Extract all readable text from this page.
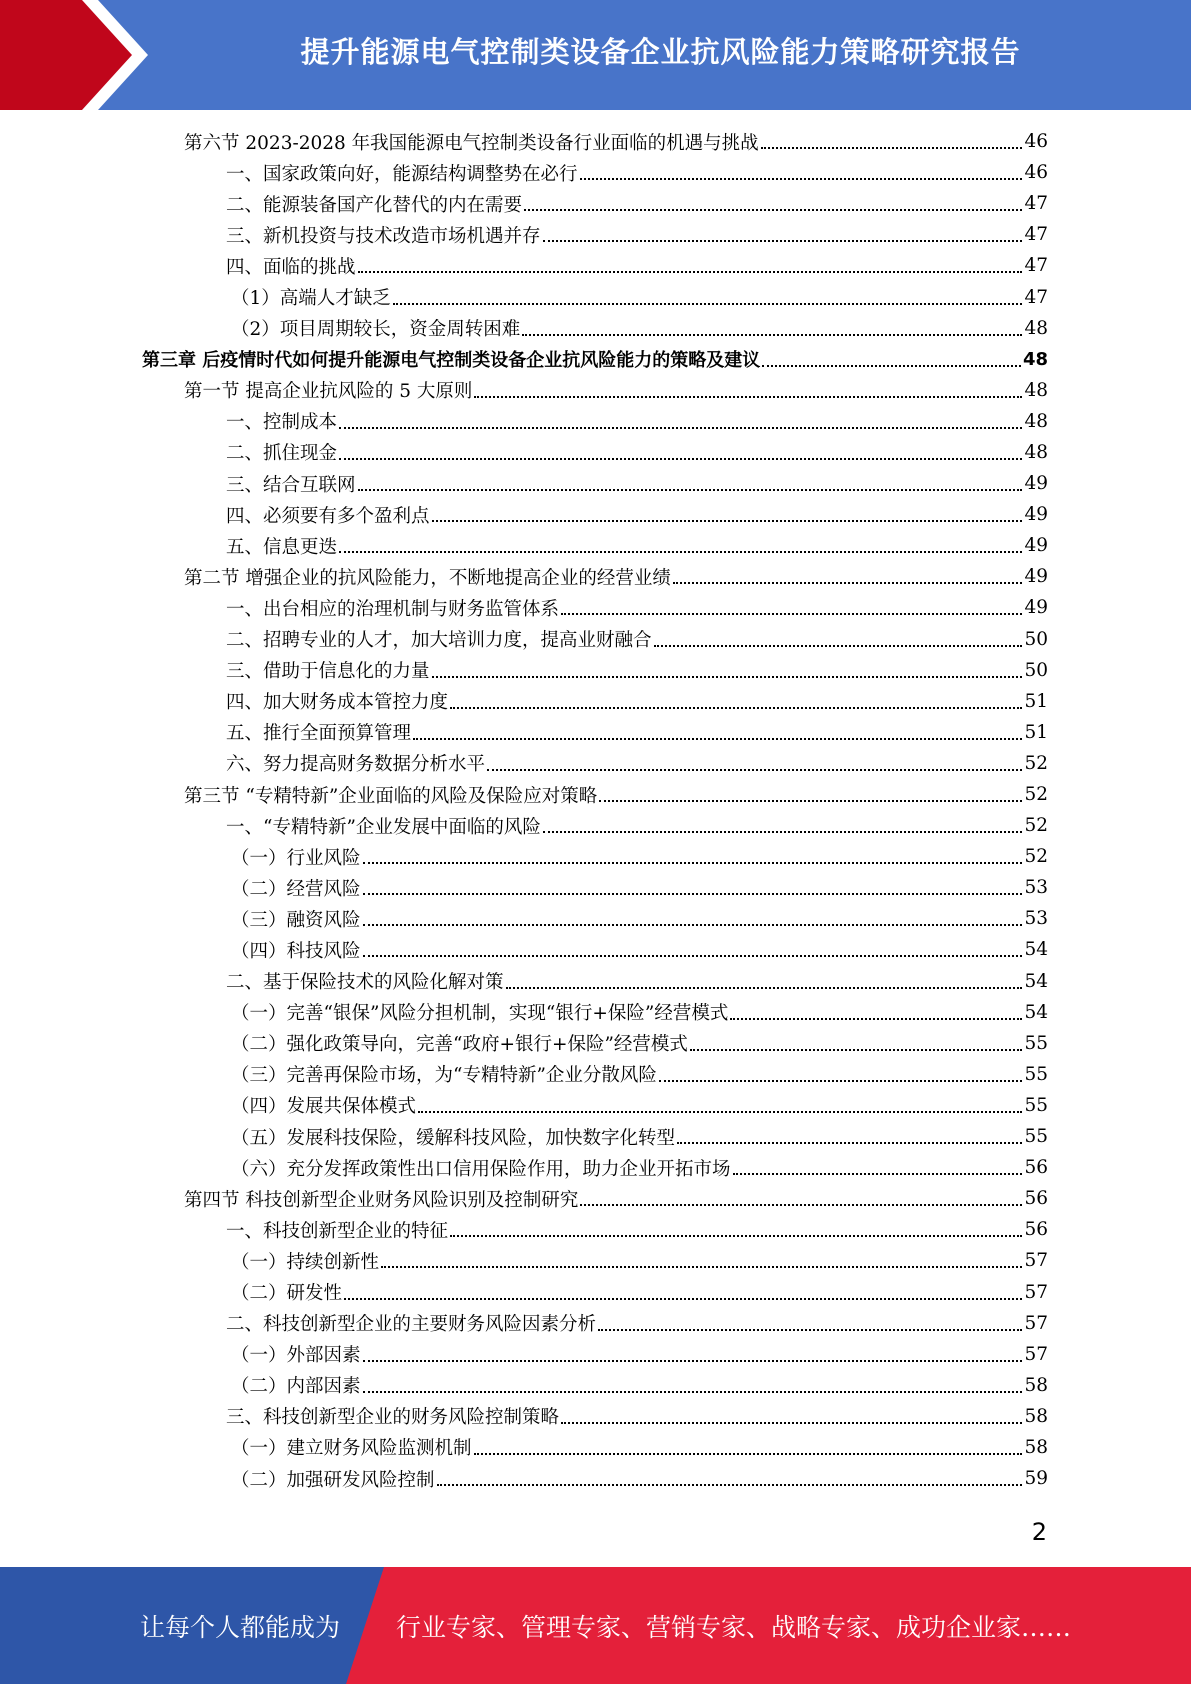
提升能源电气控制类设备企业抗风险能力策略研究报告
第六节 2023-2028 年我国能源电气控制类设备行业面临的机遇与挑战	46
一、国家政策向好，能源结构调整势在必行	46
二、能源装备国产化替代的内在需要	47
三、新机投资与技术改造市场机遇并存	47
四、面临的挑战	47
（1）高端人才缺乏	47
（2）项目周期较长，资金周转困难	48
第三章 后疫情时代如何提升能源电气控制类设备企业抗风险能力的策略及建议	48
第一节 提高企业抗风险的 5 大原则	48
一、控制成本	48
二、抓住现金	48
三、结合互联网	49
四、必须要有多个盈利点	49
五、信息更迭	49
第二节 增强企业的抗风险能力，不断地提高企业的经营业绩	49
一、出台相应的治理机制与财务监管体系	49
二、招聘专业的人才，加大培训力度，提高业财融合	50
三、借助于信息化的力量	50
四、加大财务成本管控力度	51
五、推行全面预算管理	51
六、努力提高财务数据分析水平	52
第三节 “专精特新”企业面临的风险及保险应对策略	52
一、“专精特新”企业发展中面临的风险	52
（一）行业风险	52
（二）经营风险	53
（三）融资风险	53
（四）科技风险	54
二、基于保险技术的风险化解对策	54
（一）完善“银保”风险分担机制，实现“银行+保险”经营模式	54
（二）强化政策导向，完善“政府+银行+保险”经营模式	55
（三）完善再保险市场，为“专精特新”企业分散风险	55
（四）发展共保体模式	55
（五）发展科技保险，缓解科技风险，加快数字化转型	55
（六）充分发挥政策性出口信用保险作用，助力企业开拓市场	56
第四节 科技创新型企业财务风险识别及控制研究	56
一、科技创新型企业的特征	56
（一）持续创新性	57
（二）研发性	57
二、科技创新型企业的主要财务风险因素分析	57
（一）外部因素	57
（二）内部因素	58
三、科技创新型企业的财务风险控制策略	58
（一）建立财务风险监测机制	58
（二）加强研发风险控制	59
2
让每个人都能成为 行业专家、管理专家、营销专家、战略专家、成功企业家……
